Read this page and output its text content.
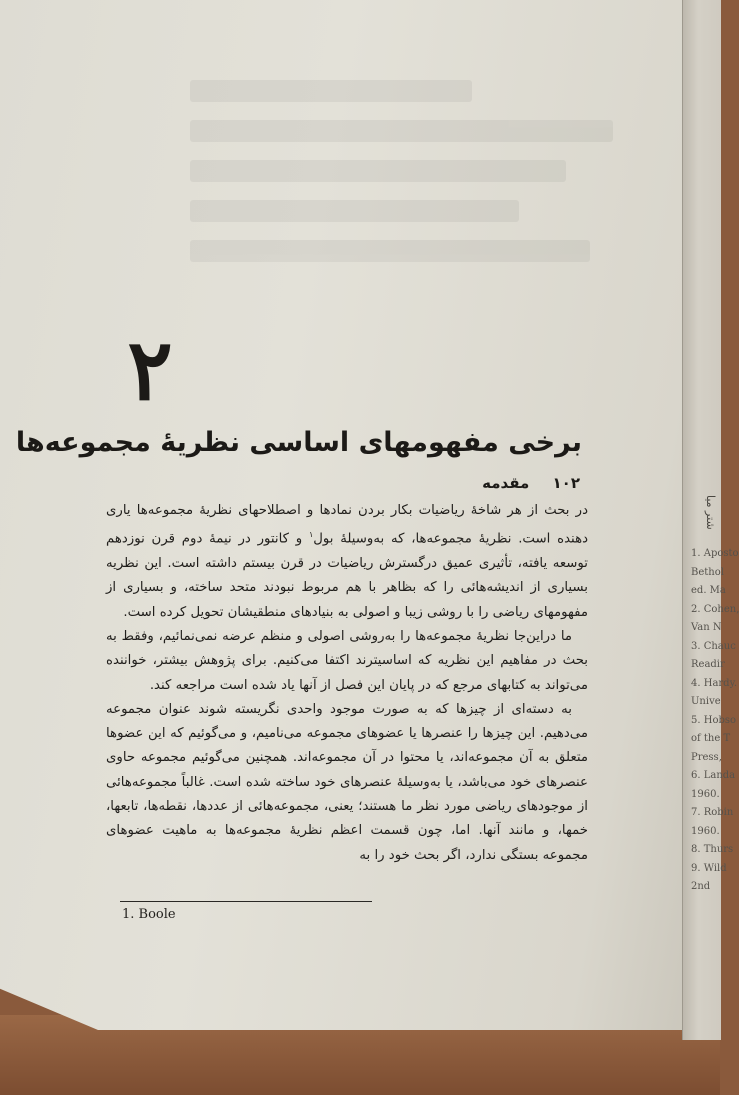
شتر میا
1. Aposto
Bethol
ed. Ma
2. Cohen,
Van N
3. Chauc
Readir
4. Hardy.
Unive
5. Hobso
of the T
Press,
6. Landa
1960.
7. Robin
1960.
8. Thurs
9. Wild
2nd
۲
برخی مفهومهای اساسی نظریهٔ مجموعه‌ها
۱۰۲ مقدمه

در بحث از هر شاخهٔ ریاضیات بکار بردن نمادها و اصطلاحهای نظریهٔ مجموعه‌ها یاری دهنده است. نظریهٔ مجموعه‌ها، که به‌وسیلهٔ بول$^۱$ و کانتور در نیمهٔ دوم قرن نوزدهم توسعه یافته، تأثیری عمیق درگسترش ریاضیات در قرن بیستم داشته است. این نظریه بسیاری از اندیشه‌هائی را که بظاهر با هم مربوط نبودند متحد ساخته، و بسیاری از مفهومهای ریاضی را با روشی زیبا و اصولی به بنیادهای منطقیشان تحویل کرده است.

ما دراین‌جا نظریهٔ مجموعه‌ها را به‌روشی اصولی و منظم عرضه نمی‌نمائیم، وفقط به بحث در مفاهیم این نظریه که اساسیترند اکتفا می‌کنیم. برای پژوهش بیشتر، خوانند‌ه می‌تواند به کتابهای مرجع که در پایان این فصل از آنها یاد شده است مراجعه کند.

به دسته‌ای از چیزها که به صورت موجود واحدی نگریسته شوند عنوان مجموعه می‌دهیم. این چیزها را عنصرها یا عضوهای مجموعه می‌نامیم، و می‌گوئیم که این عضوها متعلق به آن مجموعه‌اند، یا محتوا در آن مجموعه‌اند. همچنین می‌گوئیم مجموعه حاوی عنصرهای خود می‌باشد، یا به‌وسیلهٔ عنصرهای خود ساخته شده است. غالباً مجموعه‌هائی از موجودهای ریاضی مورد نظر ما هستند؛ یعنی، مجموعه‌هائی از عددها، نقطه‌ها، تابعها، خمها، و مانند آنها. اما، چون قسمت اعظم نظریهٔ مجموعه‌ها به ماهیت عضوهای مجموعه بستگی ندارد، اگر بحث خود را به

1. Boole
